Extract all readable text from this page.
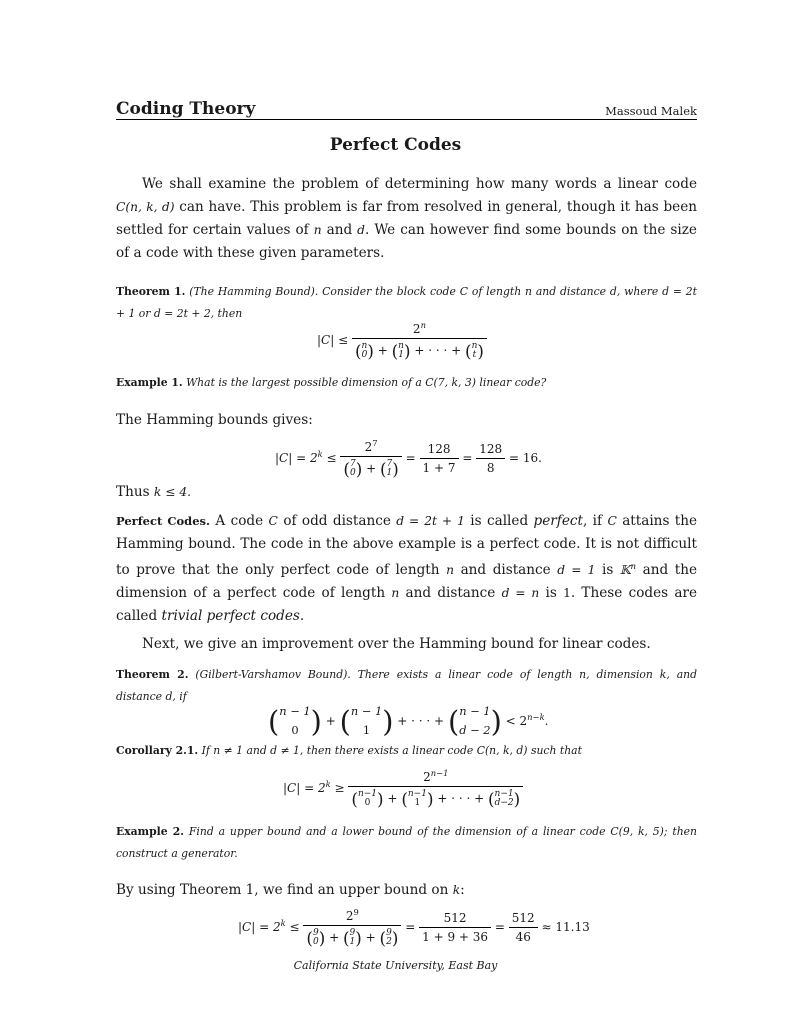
Coding Theory	Massoud Malek
Perfect Codes
We shall examine the problem of determining how many words a linear code C(n, k, d) can have. This problem is far from resolved in general, though it has been settled for certain values of n and d. We can however find some bounds on the size of a code with these given parameters.
Theorem 1. (The Hamming Bound). Consider the block code C of length n and distance d, where d = 2t + 1 or d = 2t + 2, then
|C| ≤
2$^n$
(n
0) + (n
1) + · · · + (n
t)
Example 1. What is the largest possible dimension of a C(7, k, 3) linear code?
The Hamming bounds gives:
$|C| = 2^k$ ≤
$2^7$
(7
0) + (7
1)
= $\frac{128}{1 + 7} = \frac{128}{8} = 16$.
Thus k ≤ 4.
Perfect Codes. A code C of odd distance d = 2t + 1 is called perfect, if C attains the Hamming bound. The code in the above example is a perfect code. It is not difficult to prove that the only perfect code of length n and distance d = 1 is 𝕂$^n$ and the dimension of a perfect code of length n and distance d = n is 1. These codes are called trivial perfect codes.
Next, we give an improvement over the Hamming bound for linear codes.
Theorem 2. (Gilbert-Varshamov Bound). There exists a linear code of length n, dimension k, and distance d, if
(n − 1
0 ) + (n − 1
1 ) + · · · + (n − 1
$d - 2) < 2^{n-k}$.
Corollary 2.1. If n ≠ 1 and d ≠ 1, then there exists a linear code C(n, k, d) such that
$|C| = 2^k$ ≥
$2^{n-1}$
(n−1
0 ) + (n−1
1 ) + · · · + (n−1
d−2)
Example 2. Find a upper bound and a lower bound of the dimension of a linear code C(9, k, 5); then construct a generator.
By using Theorem 1, we find an upper bound on k:
$|C| = 2^k$ ≤
$2^9$
(9
0) + (9
1) + (9
2)
= $\frac{512}{1 + 9 + 36} = \frac{512}{46} \approx 11.13$
California State University, East Bay
